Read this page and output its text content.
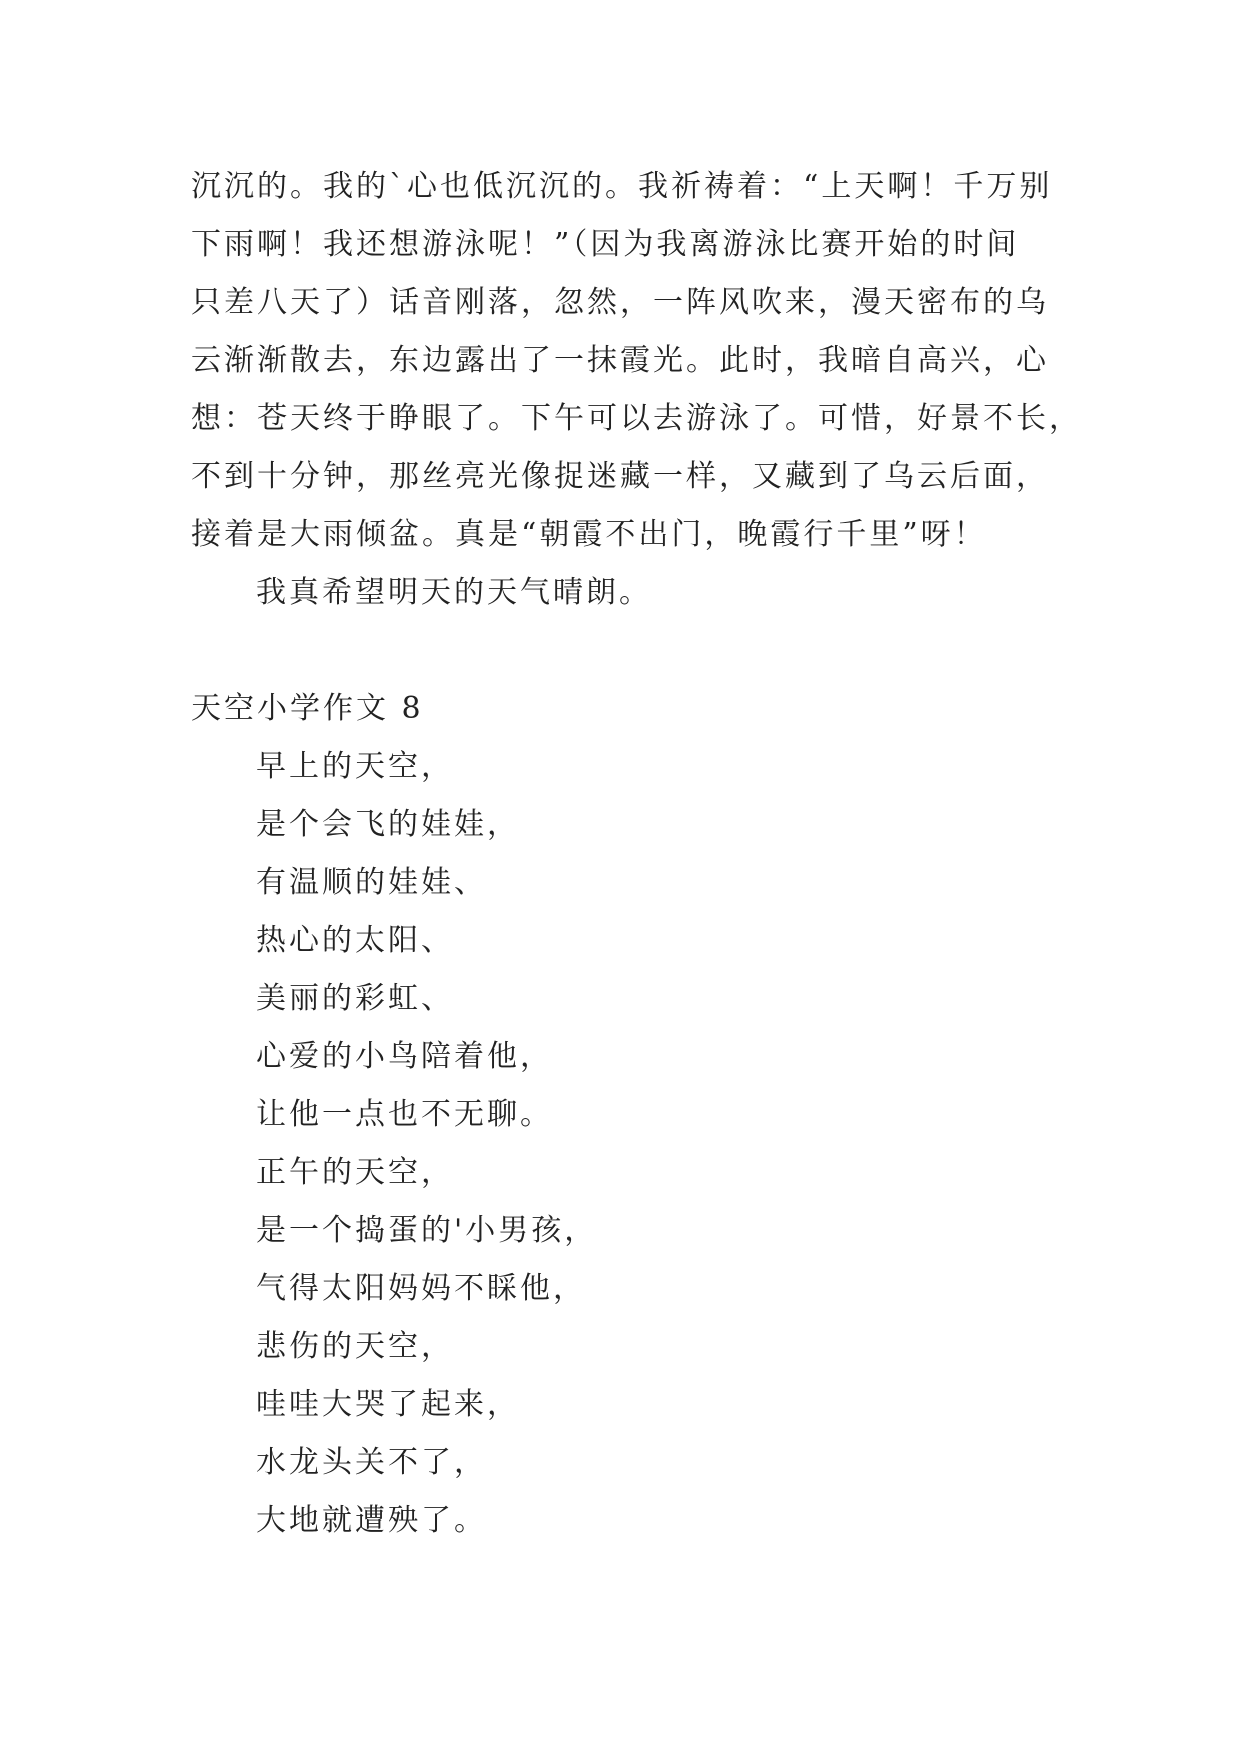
沉沉的。我的`心也低沉沉的。我祈祷着：“上天啊！千万别
下雨啊！我还想游泳呢！”（因为我离游泳比赛开始的时间
只差八天了）话音刚落，忽然，一阵风吹来，漫天密布的乌
云渐渐散去，东边露出了一抹霞光。此时，我暗自高兴，心
想：苍天终于睁眼了。下午可以去游泳了。可惜，好景不长，
不到十分钟，那丝亮光像捉迷藏一样，又藏到了乌云后面，
接着是大雨倾盆。真是“朝霞不出门，晚霞行千里”呀！
我真希望明天的天气晴朗。
天空小学作文 8
早上的天空，
是个会飞的娃娃，
有温顺的娃娃、
热心的太阳、
美丽的彩虹、
心爱的小鸟陪着他，
让他一点也不无聊。
正午的天空，
是一个捣蛋的'小男孩，
气得太阳妈妈不睬他，
悲伤的天空，
哇哇大哭了起来，
水龙头关不了，
大地就遭殃了。
